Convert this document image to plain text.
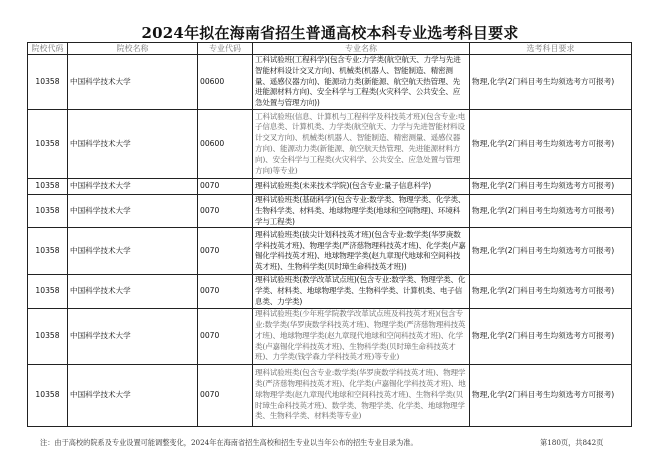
2024年拟在海南省招生普通高校本科专业选考科目要求
院校代码	院校名称	专业代码	专业名称	选考科目要求
10358	中国科学技术大学	00600	工科试验班(工程科学)(包含专业:力学类(航空航天、力学与先进智能材料设计交叉方向)、机械类(机器人、智能制造、精密测量、遥感仪器方向)、能源动力类(新能源、航空航天热管理、先进能源材料方向)、安全科学与工程类(火灾科学、公共安全、应急处置与管理方向))	物理,化学(2门科目考生均须选考方可报考)
10358	中国科学技术大学	00600	工科试验班(信息、计算机与工程科学及科技英才班)(包含专业:电子信息类、计算机类、力学类(航空航天、力学与先进智能材料设计交叉方向)、机械类(机器人、智能制造、精密测量、遥感仪器方向)、能源动力类(新能源、航空航天热管理、先进能源材料方向)、安全科学与工程类(火灾科学、公共安全、应急处置与管理方向)等专业)	物理,化学(2门科目考生均须选考方可报考)
10358	中国科学技术大学	0070	理科试验班类(未来技术学院)(包含专业:量子信息科学)	物理,化学(2门科目考生均须选考方可报考)
10358	中国科学技术大学	0070	理科试验班类(基础科学)(包含专业:数学类、物理学类、化学类、生物科学类、材料类、地球物理学类(地球和空间物理)、环境科学与工程类)	物理,化学(2门科目考生均须选考方可报考)
10358	中国科学技术大学	0070	理科试验班类(拔尖计划科技英才班)(包含专业:数学类(华罗庚数学科技英才班)、物理学类(严济慈物理科技英才班)、化学类(卢嘉锡化学科技英才班)、地球物理学类(赵九章现代地球和空间科技英才班)、生物科学类(贝时璋生命科技英才班))	物理,化学(2门科目考生均须选考方可报考)
10358	中国科学技术大学	0070	理科试验班类(教学改革试点班)(包含专业:数学类、物理学类、化学类、材料类、地球物理学类、生物科学类、计算机类、电子信息类、力学类)	物理,化学(2门科目考生均须选考方可报考)
10358	中国科学技术大学	0070	理科试验班类(少年班学院教学改革试点班及科技英才班)(包含专业:数学类(华罗庚数学科技英才班)、物理学类(严济慈物理科技英才班)、地球物理学类(赵九章现代地球和空间科技英才班)、化学类(卢嘉锡化学科技英才班)、生物科学类(贝时璋生命科技英才班)、力学类(钱学森力学科技英才班)等专业)	物理,化学(2门科目考生均须选考方可报考)
10358	中国科学技术大学	0070	理科试验班类(包含专业:数学类(华罗庚数学科技英才班)、物理学类(严济慈物理科技英才班)、化学类(卢嘉锡化学科技英才班)、地球物理学类(赵九章现代地球和空间科技英才班)、生物科学类(贝时璋生命科技英才班)、数学类、物理学类、化学类、地球物理学类、生物科学类、材料类等专业)	物理,化学(2门科目考生均须选考方可报考)
注：由于高校的院系及专业设置可能调整变化，2024年在海南省招生高校和招生专业以当年公布的招生专业目录为准。	第180页，共842页
